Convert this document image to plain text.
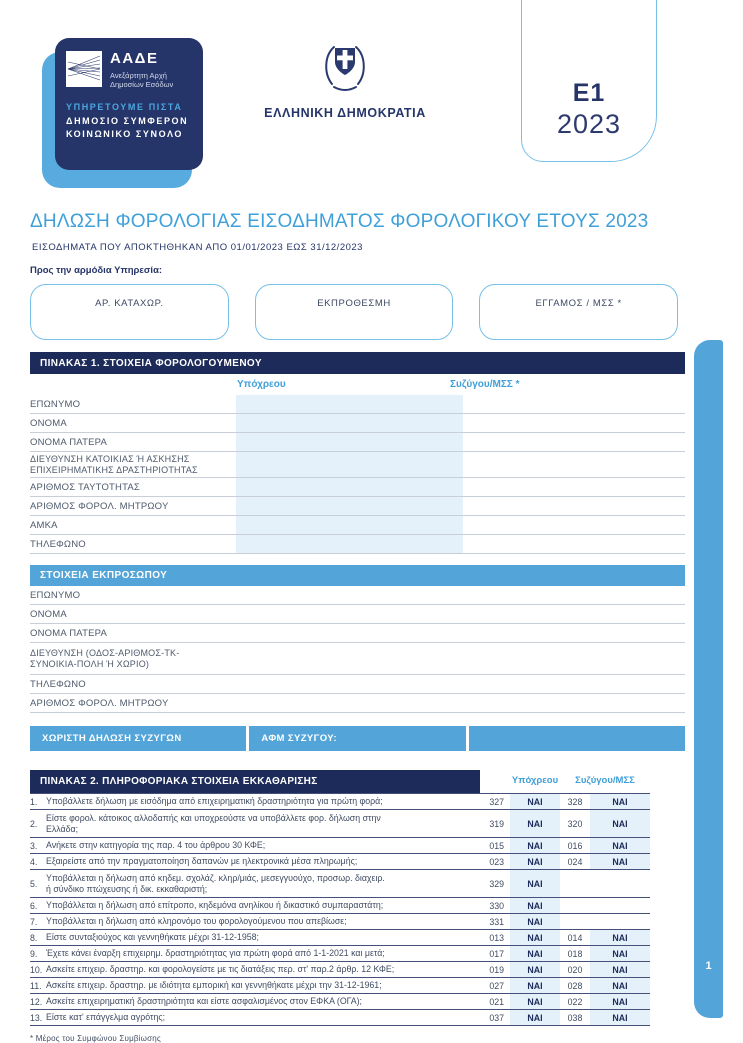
ΑΑΔΕ
Ανεξάρτητη Αρχή
Δημοσίων Εσόδων
ΥΠΗΡΕΤΟΥΜΕ ΠΙΣΤΑ
ΔΗΜΟΣΙΟ ΣΥΜΦΕΡΟΝ
ΚΟΙΝΩΝΙΚΟ ΣΥΝΟΛΟ
ΕΛΛΗΝΙΚΗ ΔΗΜΟΚΡΑΤΙΑ
Ε1
2023
ΔΗΛΩΣΗ ΦΟΡΟΛΟΓΙΑΣ ΕΙΣΟΔΗΜΑΤΟΣ ΦΟΡΟΛΟΓΙΚΟΥ ΕΤΟΥΣ 2023
ΕΙΣΟΔΗΜΑΤΑ ΠΟΥ ΑΠΟΚΤΗΘΗΚΑΝ ΑΠΟ 01/01/2023 ΕΩΣ 31/12/2023
Προς την αρμόδια Υπηρεσία:
ΑΡ. ΚΑΤΑΧΩΡ.	ΕΚΠΡΟΘΕΣΜΗ	ΕΓΓΑΜΟΣ / ΜΣΣ *
ΠΙΝΑΚΑΣ 1. ΣΤΟΙΧΕΙΑ ΦΟΡΟΛΟΓΟΥΜΕΝΟΥ
Υπόχρεου	Συζύγου/ΜΣΣ *
ΕΠΩΝΥΜΟ
ΟΝΟΜΑ
ΟΝΟΜΑ ΠΑΤΕΡΑ
ΔΙΕΥΘΥΝΣΗ ΚΑΤΟΙΚΙΑΣ Ή ΑΣΚΗΣΗΣ
ΕΠΙΧΕΙΡΗΜΑΤΙΚΗΣ ΔΡΑΣΤΗΡΙΟΤΗΤΑΣ
ΑΡΙΘΜΟΣ ΤΑΥΤΟΤΗΤΑΣ
ΑΡΙΘΜΟΣ ΦΟΡΟΛ. ΜΗΤΡΩΟΥ
ΑΜΚΑ
ΤΗΛΕΦΩΝΟ
ΣΤΟΙΧΕΙΑ ΕΚΠΡΟΣΩΠΟΥ
ΕΠΩΝΥΜΟ
ΟΝΟΜΑ
ΟΝΟΜΑ ΠΑΤΕΡΑ
ΔΙΕΥΘΥΝΣΗ (ΟΔΟΣ-ΑΡΙΘΜΟΣ-ΤΚ-
ΣΥΝΟΙΚΙΑ-ΠΟΛΗ Ή ΧΩΡΙΟ)
ΤΗΛΕΦΩΝΟ
ΑΡΙΘΜΟΣ ΦΟΡΟΛ. ΜΗΤΡΩΟΥ
ΧΩΡΙΣΤΗ ΔΗΛΩΣΗ ΣΥΖΥΓΩΝ	ΑΦΜ ΣΥΖΥΓΟΥ:
ΠΙΝΑΚΑΣ 2. ΠΛΗΡΟΦΟΡΙΑΚΑ ΣΤΟΙΧΕΙΑ ΕΚΚΑΘΑΡΙΣΗΣ	Υπόχρεου	Συζύγου/ΜΣΣ
1. Υποβάλλετε δήλωση με εισόδημα από επιχειρηματική δραστηριότητα για πρώτη φορά;	327	ΝΑΙ	328	ΝΑΙ
2.
Είστε φορολ. κάτοικος αλλοδαπής και υποχρεούστε να υποβάλλετε φορ. δήλωση στην
Ελλάδα;	319	ΝΑΙ	320	ΝΑΙ
3. Ανήκετε στην κατηγορία της παρ. 4 του άρθρου 30 ΚΦΕ;	015	ΝΑΙ	016	ΝΑΙ
4. Εξαιρείστε από την πραγματοποίηση δαπανών με ηλεκτρονικά μέσα πληρωμής;	023	ΝΑΙ	024	ΝΑΙ
5.
Υποβάλλεται η δήλωση από κηδεμ. σχολάζ. κληρ/μιάς, μεσεγγυούχο, προσωρ. διαχειρ.
ή σύνδικο πτώχευσης ή δικ. εκκαθαριστή;	329	ΝΑΙ
6. Υποβάλλεται η δήλωση από επίτροπο, κηδεμόνα ανηλίκου ή δικαστικό συμπαραστάτη;	330	ΝΑΙ
7. Υποβάλλεται η δήλωση από κληρονόμο του φορολογούμενου που απεβίωσε;	331	ΝΑΙ
8. Είστε συνταξιούχος και γεννηθήκατε μέχρι 31-12-1958;	013	ΝΑΙ	014	ΝΑΙ
9. Έχετε κάνει έναρξη επιχειρημ. δραστηριότητας για πρώτη φορά από 1-1-2021 και μετά;	017	ΝΑΙ	018	ΝΑΙ
10. Ασκείτε επιχειρ. δραστηρ. και φορολογείστε με τις διατάξεις περ. στ' παρ.2 άρθρ. 12 ΚΦΕ;	019	ΝΑΙ	020	ΝΑΙ
11. Ασκείτε επιχειρ. δραστηρ. με ιδιότητα εμπορική και γεννηθήκατε μέχρι την 31-12-1961;	027	ΝΑΙ	028	ΝΑΙ
12. Ασκείτε επιχειρηματική δραστηριότητα και είστε ασφαλισμένος στον ΕΦΚΑ (ΟΓΑ);	021	ΝΑΙ	022	ΝΑΙ
13. Είστε κατ' επάγγελμα αγρότης;	037	ΝΑΙ	038	ΝΑΙ
* Μέρος του Συμφώνου Συμβίωσης
1
